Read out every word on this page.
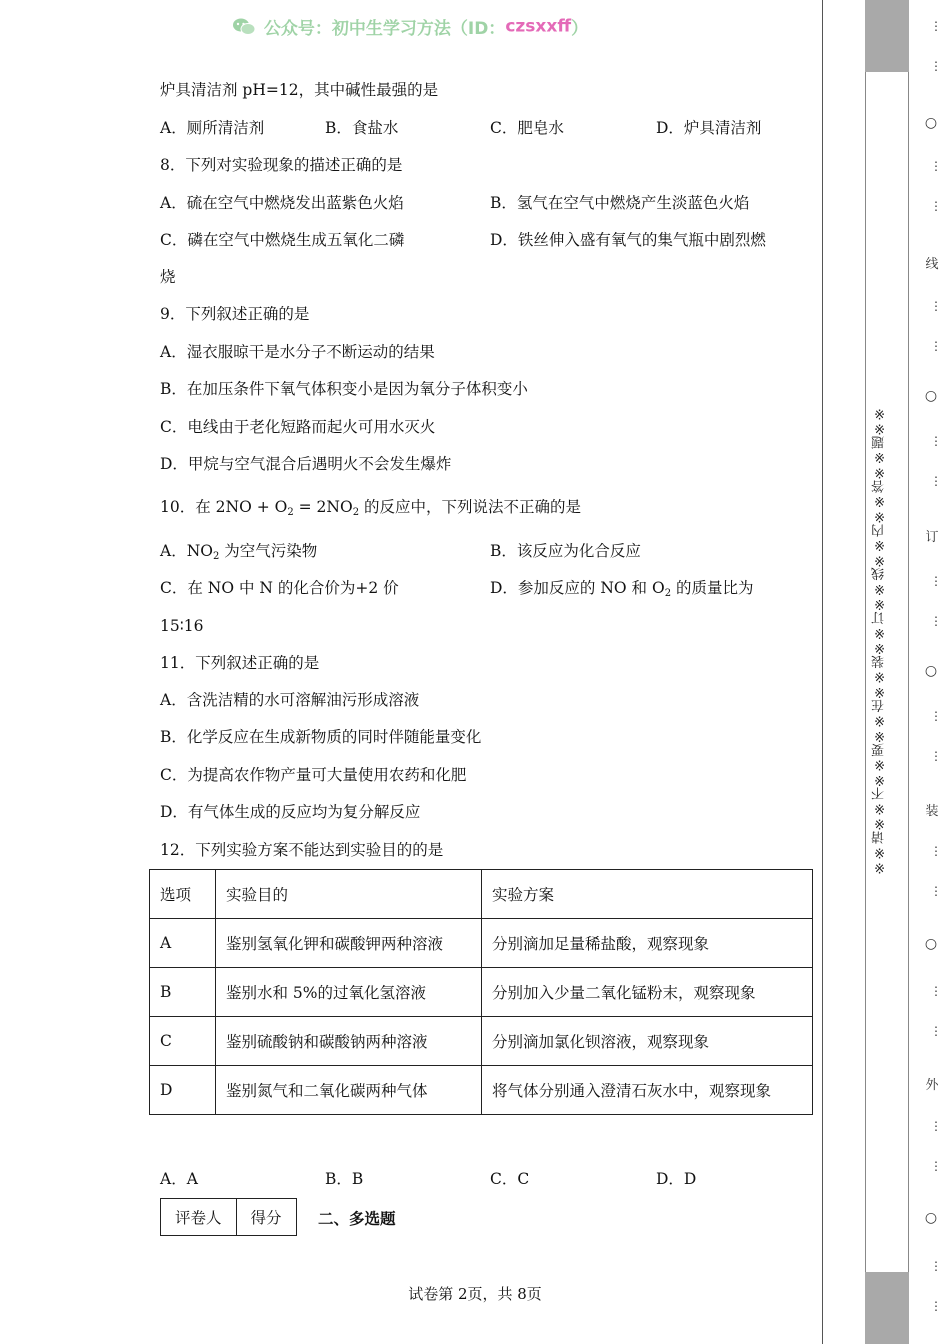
公众号：初中生学习方法（ID：czsxxff）
炉具清洁剂 pH=12，其中碱性最强的是
A．厕所清洁剂	B．食盐水	C．肥皂水	D．炉具清洁剂
8．下列对实验现象的描述正确的是
A．硫在空气中燃烧发出蓝紫色火焰	B．氢气在空气中燃烧产生淡蓝色火焰
C．磷在空气中燃烧生成五氧化二磷	D．铁丝伸入盛有氧气的集气瓶中剧烈燃
烧
9．下列叙述正确的是
A．湿衣服晾干是水分子不断运动的结果
B．在加压条件下氧气体积变小是因为氧分子体积变小
C．电线由于老化短路而起火可用水灭火
D．甲烷与空气混合后遇明火不会发生爆炸
10．在 $2NO + O_2 = 2NO_2$ 的反应中，下列说法不正确的是
A．$NO_2$ 为空气污染物	B．该反应为化合反应
C．在 NO 中 N 的化合价为+2 价	D．参加反应的 NO 和 $O_2$ 的质量比为
15∶16
11．下列叙述正确的是
A．含洗洁精的水可溶解油污形成溶液
B．化学反应在生成新物质的同时伴随能量变化
C．为提高农作物产量可大量使用农药和化肥
D．有气体生成的反应均为复分解反应
12．下列实验方案不能达到实验目的的是
选项	实验目的	实验方案
A	鉴别氢氧化钾和碳酸钾两种溶液	分别滴加足量稀盐酸，观察现象
B	鉴别水和 5%的过氧化氢溶液	分别加入少量二氧化锰粉末，观察现象
C	鉴别硫酸钠和碳酸钠两种溶液	分别滴加氯化钡溶液，观察现象
D	鉴别氮气和二氧化碳两种气体	将气体分别通入澄清石灰水中，观察现象
A．A	B．B	C．C	D．D
评卷人	得分 二、多选题
试卷第 2页，共 8页
※※请※※不※※要※※在※※装※※订※※线※※内※※答※※题※※
○
○
○
○
○
线
订
装
外
⋮
⋮
⋮
⋮
⋮
⋮
⋮
⋮
⋮
⋮
⋮
⋮
⋮
⋮
⋮
⋮
⋮
⋮
⋮
⋮
